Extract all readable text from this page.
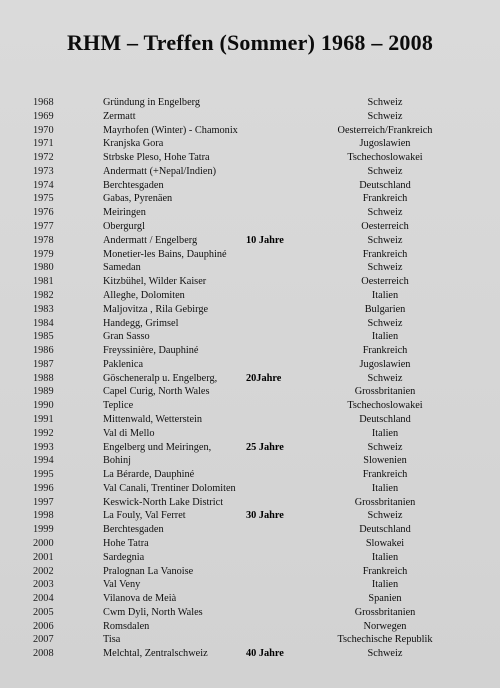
RHM – Treffen (Sommer) 1968 – 2008
1968	Gründung in Engelberg	Schweiz
1969	Zermatt	Schweiz
1970	Mayrhofen (Winter) - Chamonix	Oesterreich/Frankreich
1971	Kranjska Gora	Jugoslawien
1972	Strbske Pleso, Hohe Tatra	Tschechoslowakei
1973	Andermatt (+Nepal/Indien)	Schweiz
1974	Berchtesgaden	Deutschland
1975	Gabas, Pyrenäen	Frankreich
1976	Meiringen	Schweiz
1977	Obergurgl	Oesterreich
1978	Andermatt / Engelberg	10 Jahre	Schweiz
1979	Monetier-les Bains, Dauphiné	Frankreich
1980	Samedan	Schweiz
1981	Kitzbühel, Wilder Kaiser	Oesterreich
1982	Alleghe, Dolomiten	Italien
1983	Maljovitza , Rila Gebirge	Bulgarien
1984	Handegg, Grimsel	Schweiz
1985	Gran Sasso	Italien
1986	Freyssinière, Dauphiné	Frankreich
1987	Paklenica	Jugoslawien
1988	Göscheneralp u. Engelberg,	20Jahre	Schweiz
1989	Capel Curig, North Wales	Grossbritanien
1990	Teplice	Tschechoslowakei
1991	Mittenwald, Wetterstein	Deutschland
1992	Val di Mello	Italien
1993	Engelberg und Meiringen,	25 Jahre	Schweiz
1994	Bohinj	Slowenien
1995	La Bérarde, Dauphiné	Frankreich
1996	Val Canali, Trentiner Dolomiten	Italien
1997	Keswick-North Lake District	Grossbritanien
1998	La Fouly, Val Ferret	30 Jahre	Schweiz
1999	Berchtesgaden	Deutschland
2000	Hohe Tatra	Slowakei
2001	Sardegnia	Italien
2002	Pralognan La Vanoise	Frankreich
2003	Val Veny	Italien
2004	Vilanova de Meià	Spanien
2005	Cwm Dyli, North Wales	Grossbritanien
2006	Romsdalen	Norwegen
2007	Tisa	Tschechische Republik
2008	Melchtal, Zentralschweiz	40 Jahre	Schweiz
